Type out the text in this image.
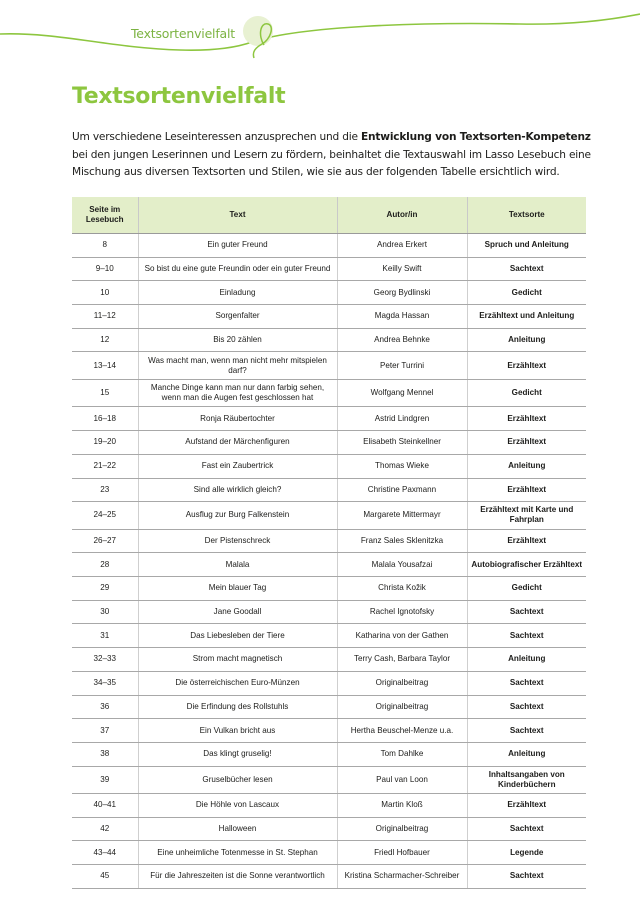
Textsortenvielfalt
Textsortenvielfalt

Um verschiedene Leseinteressen anzusprechen und die Entwicklung von Textsorten-Kompetenz bei den jungen Leserinnen und Lesern zu fördern, beinhaltet die Textauswahl im Lasso Lesebuch eine Mischung aus diversen Textsorten und Stilen, wie sie aus der folgenden Tabelle ersichtlich wird.

Seite im Lesebuch	Text	Autor/in	Textsorte
8	Ein guter Freund	Andrea Erkert	Spruch und Anleitung
9–10	So bist du eine gute Freundin oder ein guter Freund	Keilly Swift	Sachtext
10	Einladung	Georg Bydlinski	Gedicht
11–12	Sorgenfalter	Magda Hassan	Erzähltext und Anleitung
12	Bis 20 zählen	Andrea Behnke	Anleitung
13–14	Was macht man, wenn man nicht mehr mitspielen darf?	Peter Turrini	Erzähltext
15	Manche Dinge kann man nur dann farbig sehen, wenn man die Augen fest geschlossen hat	Wolfgang Mennel	Gedicht
16–18	Ronja Räubertochter	Astrid Lindgren	Erzähltext
19–20	Aufstand der Märchenfiguren	Elisabeth Steinkellner	Erzähltext
21–22	Fast ein Zaubertrick	Thomas Wieke	Anleitung
23	Sind alle wirklich gleich?	Christine Paxmann	Erzähltext
24–25	Ausflug zur Burg Falkenstein	Margarete Mittermayr	Erzähltext mit Karte und Fahrplan
26–27	Der Pistenschreck	Franz Sales Sklenitzka	Erzähltext
28	Malala	Malala Yousafzai	Autobiografischer Erzähltext
29	Mein blauer Tag	Christa Kožik	Gedicht
30	Jane Goodall	Rachel Ignotofsky	Sachtext
31	Das Liebesleben der Tiere	Katharina von der Gathen	Sachtext
32–33	Strom macht magnetisch	Terry Cash, Barbara Taylor	Anleitung
34–35	Die österreichischen Euro-Münzen	Originalbeitrag	Sachtext
36	Die Erfindung des Rollstuhls	Originalbeitrag	Sachtext
37	Ein Vulkan bricht aus	Hertha Beuschel-Menze u.a.	Sachtext
38	Das klingt gruselig!	Tom Dahlke	Anleitung
39	Gruselbücher lesen	Paul van Loon	Inhaltsangaben von Kinderbüchern
40–41	Die Höhle von Lascaux	Martin Kloß	Erzähltext
42	Halloween	Originalbeitrag	Sachtext
43–44	Eine unheimliche Totenmesse in St. Stephan	Friedl Hofbauer	Legende
45	Für die Jahreszeiten ist die Sonne verantwortlich	Kristina Scharmacher-Schreiber	Sachtext
